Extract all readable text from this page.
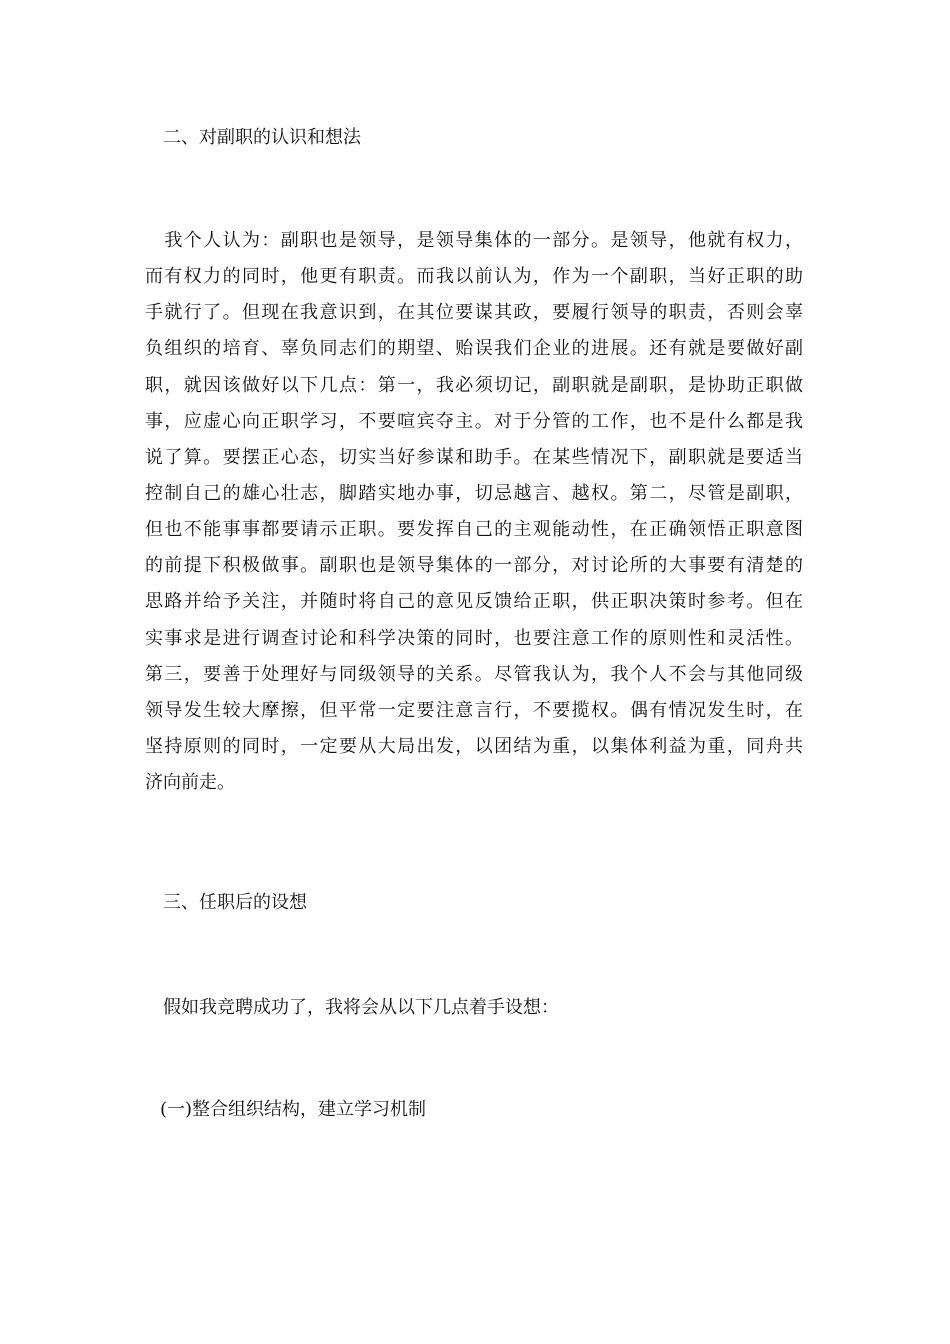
二、对副职的认识和想法
　我个人认为：副职也是领导，是领导集体的一部分。是领导，他就有权力，
而有权力的同时，他更有职责。而我以前认为，作为一个副职，当好正职的助
手就行了。但现在我意识到，在其位要谋其政，要履行领导的职责，否则会辜
负组织的培育、辜负同志们的期望、贻误我们企业的进展。还有就是要做好副
职，就因该做好以下几点：第一，我必须切记，副职就是副职，是协助正职做
事，应虚心向正职学习，不要喧宾夺主。对于分管的工作，也不是什么都是我
说了算。要摆正心态，切实当好参谋和助手。在某些情况下，副职就是要适当
控制自己的雄心壮志，脚踏实地办事，切忌越言、越权。第二，尽管是副职，
但也不能事事都要请示正职。要发挥自己的主观能动性，在正确领悟正职意图
的前提下积极做事。副职也是领导集体的一部分，对讨论所的大事要有清楚的
思路并给予关注，并随时将自己的意见反馈给正职，供正职决策时参考。但在
实事求是进行调查讨论和科学决策的同时，也要注意工作的原则性和灵活性。
第三，要善于处理好与同级领导的关系。尽管我认为，我个人不会与其他同级
领导发生较大摩擦，但平常一定要注意言行，不要揽权。偶有情况发生时，在
坚持原则的同时，一定要从大局出发，以团结为重，以集体利益为重，同舟共
济向前走。
三、任职后的设想
假如我竞聘成功了，我将会从以下几点着手设想：
(一)整合组织结构，建立学习机制
